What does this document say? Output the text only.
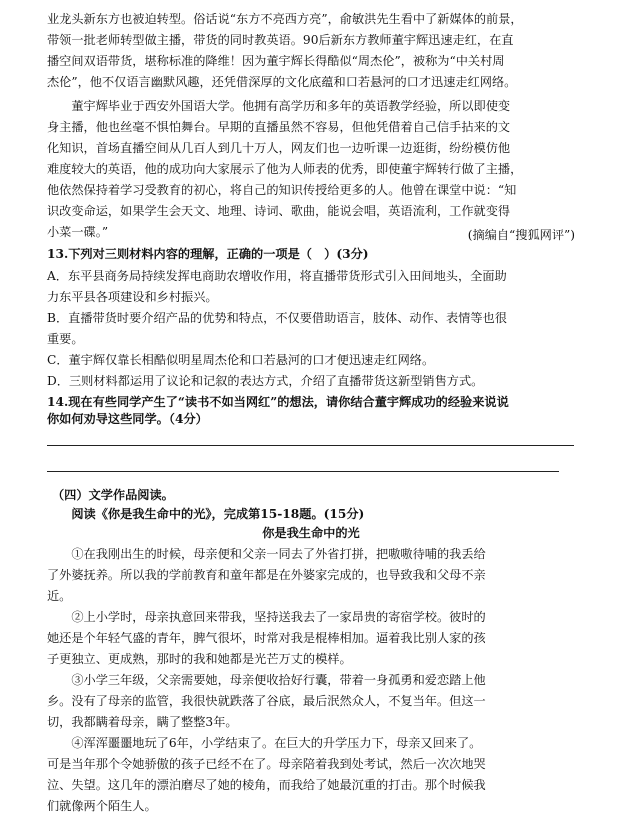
业龙头新东方也被迫转型。俗话说“东方不亮西方亮”，俞敏洪先生看中了新媒体的前景，
带领一批老师转型做主播，带货的同时教英语。90后新东方教师董宇辉迅速走红，在直
播空间双语带货，堪称标准的降维！因为董宇辉长得酷似“周杰伦”，被称为“中关村周
杰伦”，他不仅语言幽默风趣，还凭借深厚的文化底蕴和口若悬河的口才迅速走红网络。
　　董宇辉毕业于西安外国语大学。他拥有高学历和多年的英语教学经验，所以即使变
身主播，他也丝毫不惧怕舞台。早期的直播虽然不容易，但他凭借着自己信手拈来的文
化知识，首场直播空间从几百人到几十万人，网友们也一边听课一边逛街，纷纷模仿他
难度较大的英语，他的成功向大家展示了他为人师表的优秀，即使董宇辉转行做了主播，
他依然保持着学习受教育的初心，将自己的知识传授给更多的人。他曾在课堂中说：“知
识改变命运，如果学生会天文、地理、诗词、歌曲，能说会唱，英语流利，工作就变得
小菜一碟。”	(摘编自“搜狐网评”)
13.下列对三则材料内容的理解，正确的一项是（　）(3分)
A．东平县商务局持续发挥电商助农增收作用，将直播带货形式引入田间地头，全面助
力东平县各项建设和乡村振兴。
B．直播带货时要介绍产品的优势和特点，不仅要借助语言，肢体、动作、表情等也很
重要。
C．董宇辉仅靠长相酷似明星周杰伦和口若悬河的口才便迅速走红网络。
D．三则材料都运用了议论和记叙的表达方式，介绍了直播带货这新型销售方式。
14.现在有些同学产生了“读书不如当网红”的想法，请你结合董宇辉成功的经验来说说
你如何劝导这些同学。（4分）
（四）文学作品阅读。
　　阅读《你是我生命中的光》，完成第15-18题。(15分)
你是我生命中的光
　　①在我刚出生的时候，母亲便和父亲一同去了外省打拼，把嗷嗷待哺的我丢给
了外婆抚养。所以我的学前教育和童年都是在外婆家完成的，也导致我和父母不亲
近。
　　②上小学时，母亲执意回来带我，坚持送我去了一家昂贵的寄宿学校。彼时的
她还是个年轻气盛的青年，脾气很坏，时常对我是棍棒相加。逼着我比别人家的孩
子更独立、更成熟，那时的我和她都是光芒万丈的模样。
　　③小学三年级，父亲需要她，母亲便收拾好行囊，带着一身孤勇和爱恋踏上他
乡。没有了母亲的监管，我很快就跌落了谷底，最后泯然众人，不复当年。但这一
切，我都瞒着母亲，瞒了整整3年。
　　④浑浑噩噩地玩了6年，小学结束了。在巨大的升学压力下，母亲又回来了。
可是当年那个令她骄傲的孩子已经不在了。母亲陪着我到处考试，然后一次次地哭
泣、失望。这几年的漂泊磨尽了她的棱角，而我给了她最沉重的打击。那个时候我
们就像两个陌生人。
